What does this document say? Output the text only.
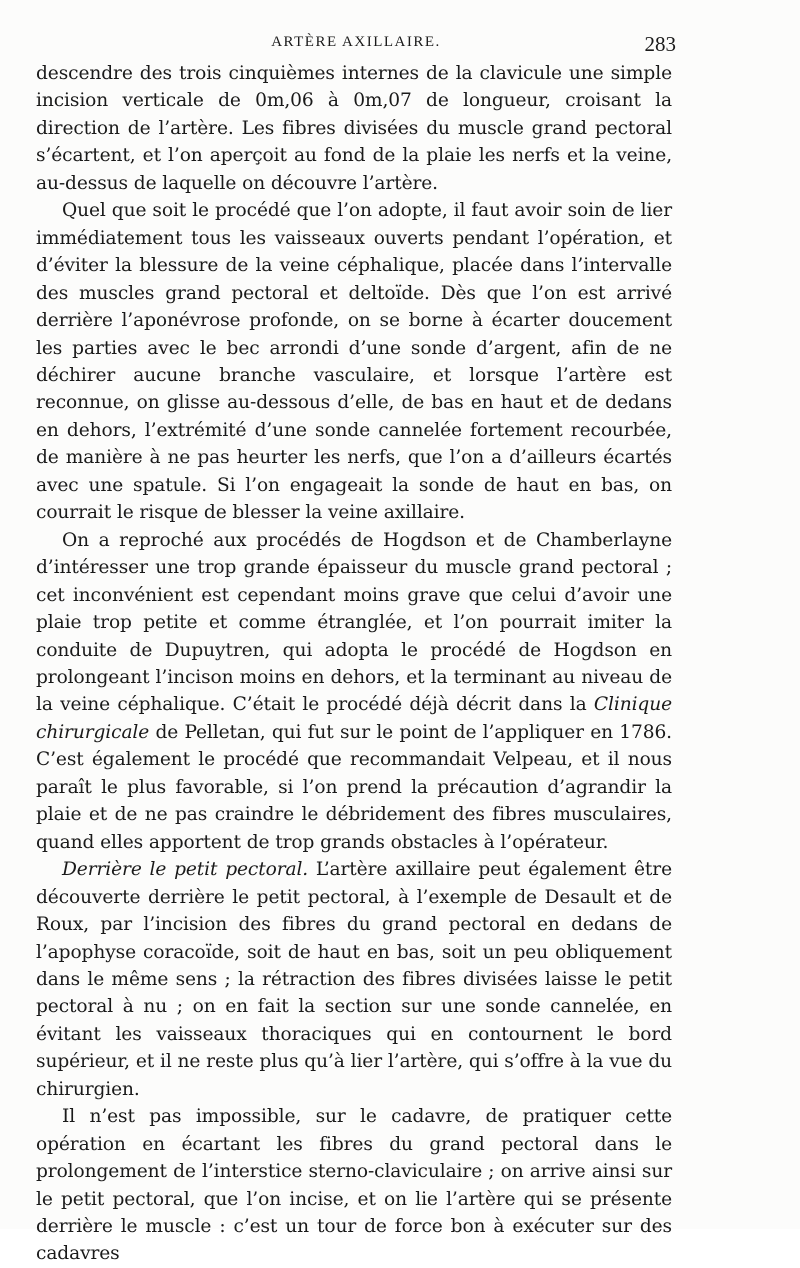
ARTÈRE AXILLAIRE.	283

descendre des trois cinquièmes internes de la clavicule une simple incision verticale de 0m,06 à 0m,07 de longueur, croisant la direction de l’artère. Les fibres divisées du muscle grand pectoral s’écartent, et l’on aperçoit au fond de la plaie les nerfs et la veine, au-dessus de laquelle on découvre l’artère.

Quel que soit le procédé que l’on adopte, il faut avoir soin de lier immédiatement tous les vaisseaux ouverts pendant l’opération, et d’éviter la blessure de la veine céphalique, placée dans l’intervalle des muscles grand pectoral et deltoïde. Dès que l’on est arrivé derrière l’aponévrose profonde, on se borne à écarter doucement les parties avec le bec arrondi d’une sonde d’argent, afin de ne déchirer aucune branche vasculaire, et lorsque l’artère est reconnue, on glisse au-dessous d’elle, de bas en haut et de dedans en dehors, l’extrémité d’une sonde cannelée fortement recourbée, de manière à ne pas heurter les nerfs, que l’on a d’ailleurs écartés avec une spatule. Si l’on engageait la sonde de haut en bas, on courrait le risque de blesser la veine axillaire.

On a reproché aux procédés de Hogdson et de Chamberlayne d’intéresser une trop grande épaisseur du muscle grand pectoral ; cet inconvénient est cependant moins grave que celui d’avoir une plaie trop petite et comme étranglée, et l’on pourrait imiter la conduite de Dupuytren, qui adopta le procédé de Hogdson en prolongeant l’incison moins en dehors, et la terminant au niveau de la veine céphalique. C’était le procédé déjà décrit dans la Clinique chirurgicale de Pelletan, qui fut sur le point de l’appliquer en 1786. C’est également le procédé que recommandait Velpeau, et il nous paraît le plus favorable, si l’on prend la précaution d’agrandir la plaie et de ne pas craindre le débridement des fibres musculaires, quand elles apportent de trop grands obstacles à l’opérateur.

Derrière le petit pectoral. L’artère axillaire peut également être découverte derrière le petit pectoral, à l’exemple de Desault et de Roux, par l’incision des fibres du grand pectoral en dedans de l’apophyse coracoïde, soit de haut en bas, soit un peu obliquement dans le même sens ; la rétraction des fibres divisées laisse le petit pectoral à nu ; on en fait la section sur une sonde cannelée, en évitant les vaisseaux thoraciques qui en contournent le bord supérieur, et il ne reste plus qu’à lier l’artère, qui s’offre à la vue du chirurgien.

Il n’est pas impossible, sur le cadavre, de pratiquer cette opération en écartant les fibres du grand pectoral dans le prolongement de l’interstice sterno-claviculaire ; on arrive ainsi sur le petit pectoral, que l’on incise, et on lie l’artère qui se présente derrière le muscle : c’est un tour de force bon à exécuter sur des cadavres
